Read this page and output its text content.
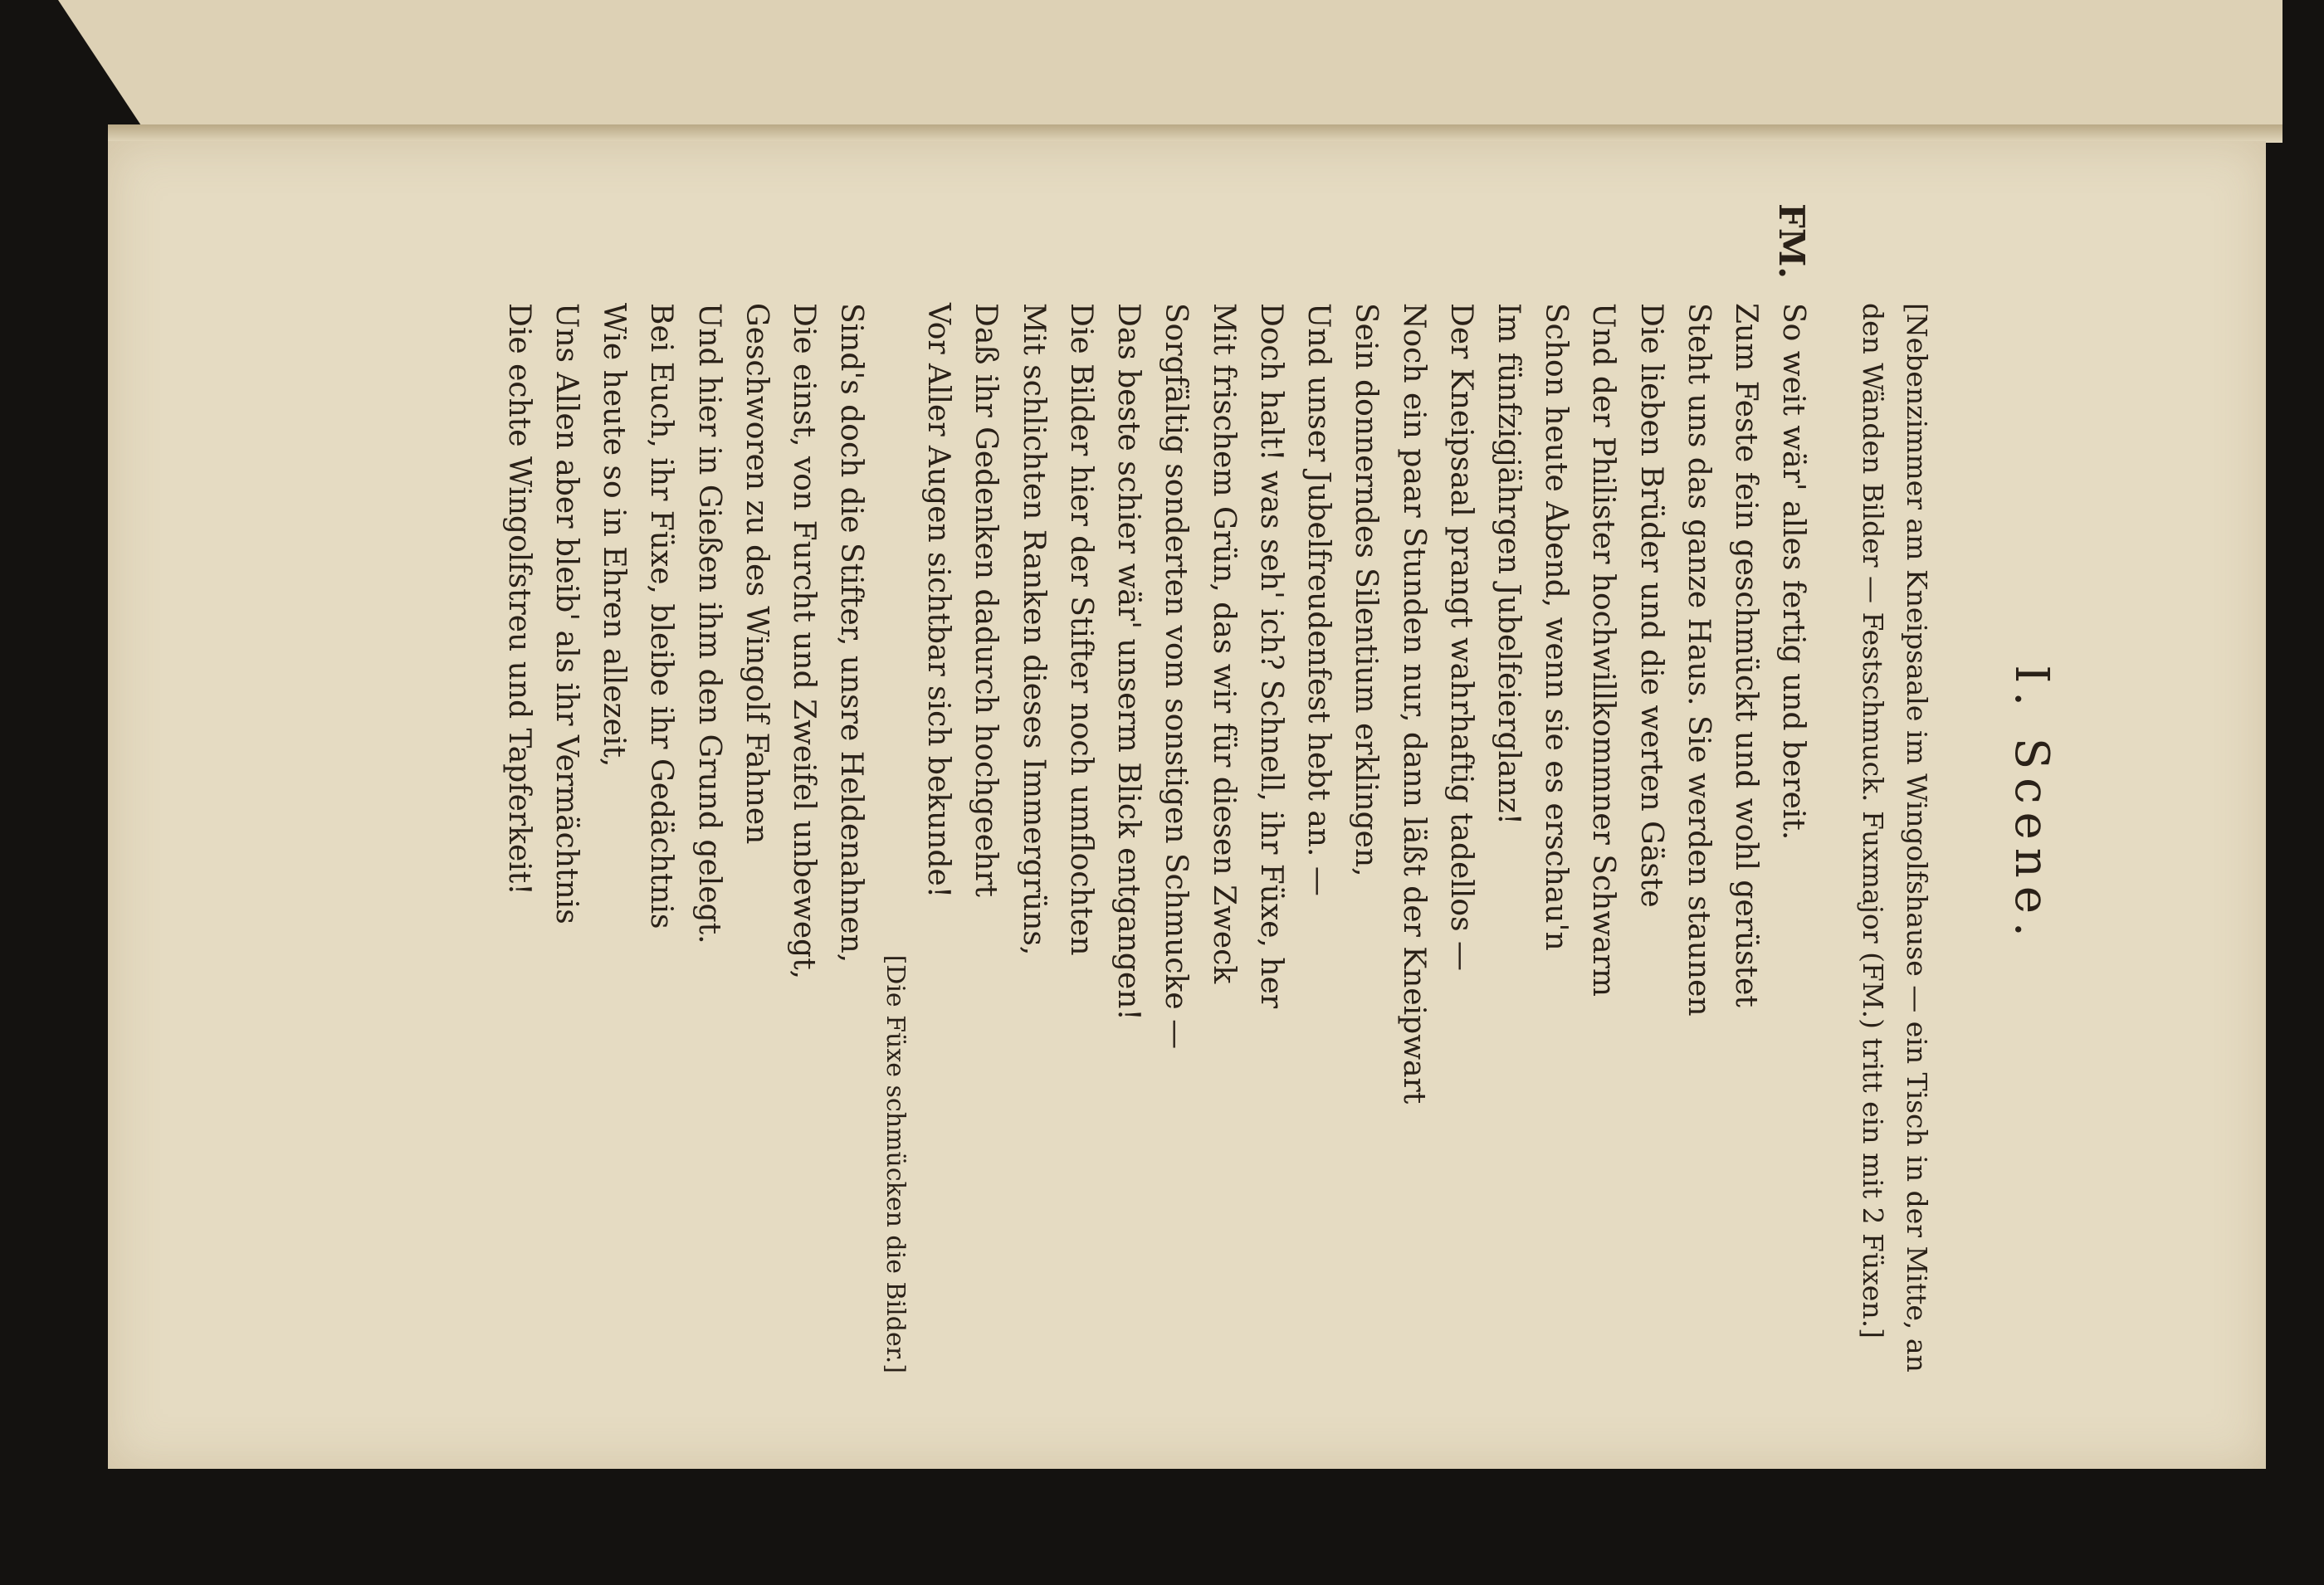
I. Scene.
[Nebenzimmer am Kneipsaale im Wingolfshause — ein Tisch in der Mitte, an den Wänden Bilder — Festschmuck. Fuxmajor (FM.) tritt ein mit 2 Füxen.]
FM.
So weit wär' alles fertig und bereit.
Zum Feste fein geschmückt und wohl gerüstet
Steht uns das ganze Haus. Sie werden staunen
Die lieben Brüder und die werten Gäste
Und der Philister hochwillkommner Schwarm
Schon heute Abend, wenn sie es erschau'n
Im fünfzigjährgen Jubelfeierglanz!
Der Kneipsaal prangt wahrhaftig tadellos —
Noch ein paar Stunden nur, dann läßt der Kneipwart
Sein donnerndes Silentium erklingen,
Und unser Jubelfreudenfest hebt an. —
Doch halt! was seh' ich? Schnell, ihr Füxe, her
Mit frischem Grün, das wir für diesen Zweck
Sorgfältig sonderten vom sonstigen Schmucke —
Das beste schier wär' unserm Blick entgangen!
Die Bilder hier der Stifter noch umflochten
Mit schlichten Ranken dieses Immergrüns,
Daß ihr Gedenken dadurch hochgeehrt
Vor Aller Augen sichtbar sich bekunde!
[Die Füxe schmücken die Bilder.]
Sind's doch die Stifter, unsre Heldenahnen,
Die einst, von Furcht und Zweifel unbewegt,
Geschworen zu des Wingolf Fahnen
Und hier in Gießen ihm den Grund gelegt.
Bei Euch, ihr Füxe, bleibe ihr Gedächtnis
Wie heute so in Ehren allezeit,
Uns Allen aber bleib' als ihr Vermächtnis
Die echte Wingolfstreu und Tapferkeit!
